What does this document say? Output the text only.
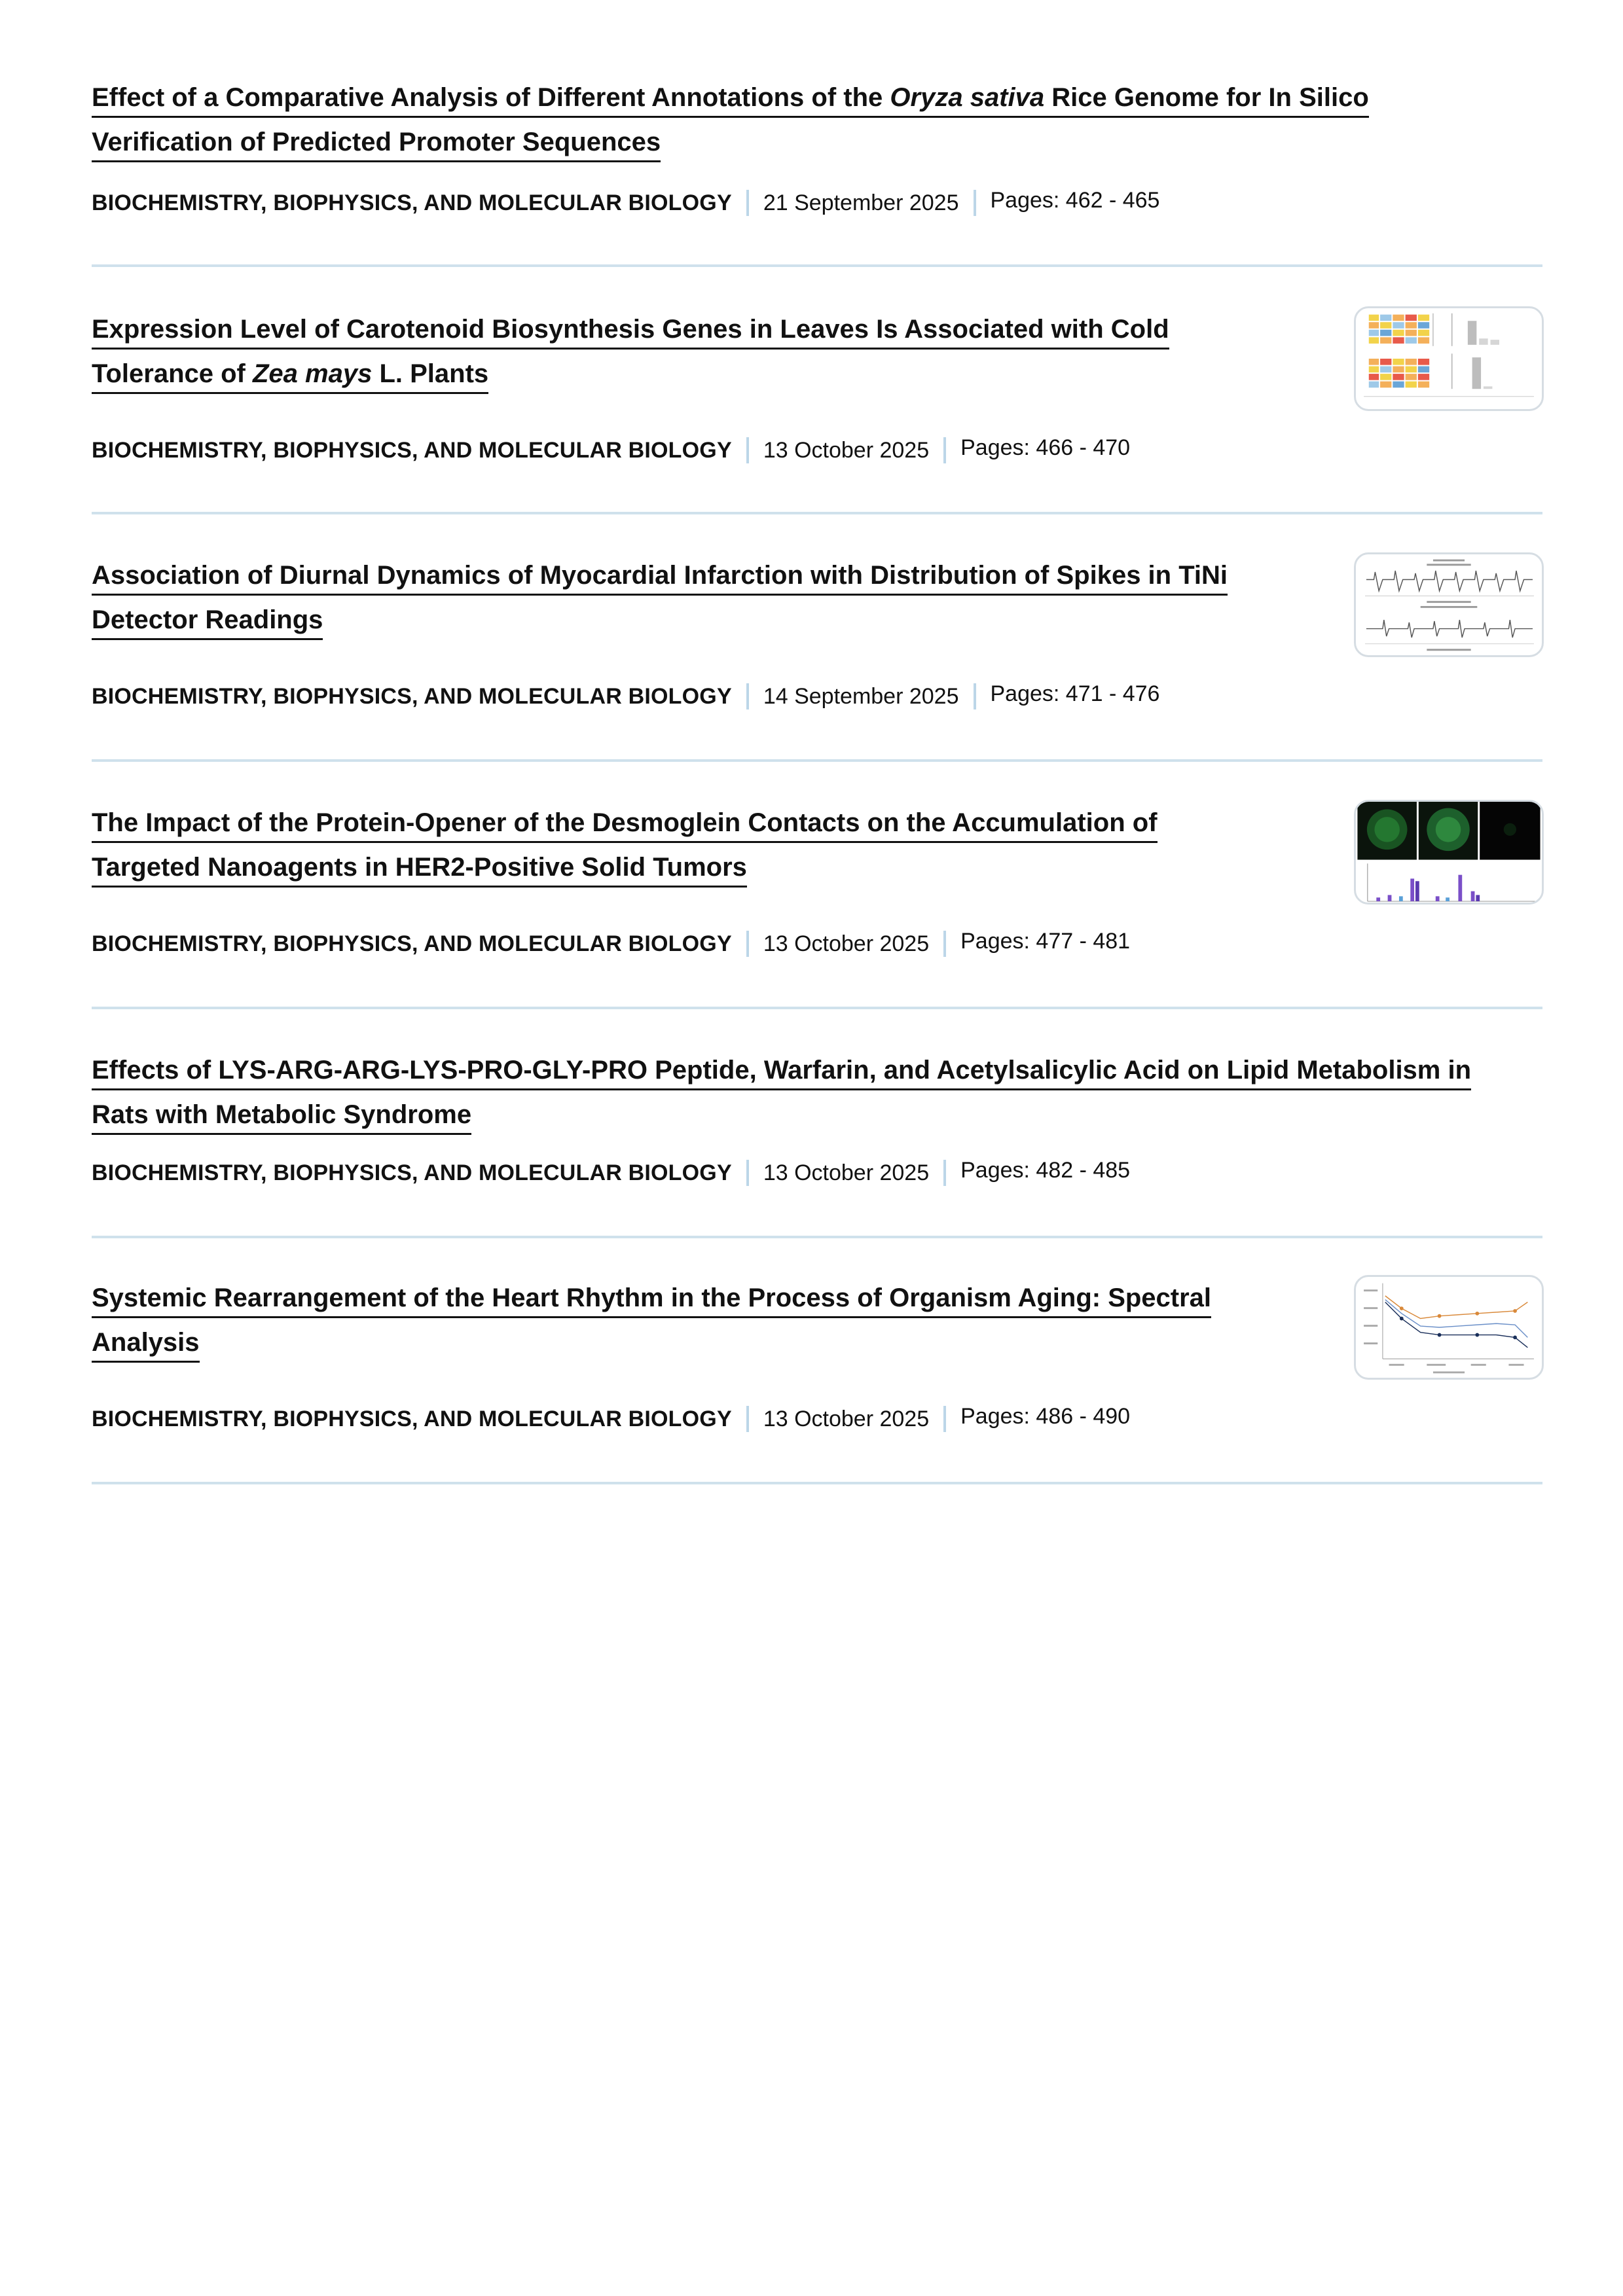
Effect of a Comparative Analysis of Different Annotations of the Oryza sativa Rice Genome for In Silico
Verification of Predicted Promoter Sequences
BIOCHEMISTRY, BIOPHYSICS, AND MOLECULAR BIOLOGY 21 September 2025 Pages: 462 - 465
Expression Level of Carotenoid Biosynthesis Genes in Leaves Is Associated with Cold
Tolerance of Zea mays L. Plants
BIOCHEMISTRY, BIOPHYSICS, AND MOLECULAR BIOLOGY 13 October 2025 Pages: 466 - 470
Association of Diurnal Dynamics of Myocardial Infarction with Distribution of Spikes in TiNi
Detector Readings
BIOCHEMISTRY, BIOPHYSICS, AND MOLECULAR BIOLOGY 14 September 2025 Pages: 471 - 476
The Impact of the Protein-Opener of the Desmoglein Contacts on the Accumulation of
Targeted Nanoagents in HER2-Positive Solid Tumors
BIOCHEMISTRY, BIOPHYSICS, AND MOLECULAR BIOLOGY 13 October 2025 Pages: 477 - 481
Effects of LYS-ARG-ARG-LYS-PRO-GLY-PRO Peptide, Warfarin, and Acetylsalicylic Acid on Lipid Metabolism in
Rats with Metabolic Syndrome
BIOCHEMISTRY, BIOPHYSICS, AND MOLECULAR BIOLOGY 13 October 2025 Pages: 482 - 485
Systemic Rearrangement of the Heart Rhythm in the Process of Organism Aging: Spectral
Analysis
BIOCHEMISTRY, BIOPHYSICS, AND MOLECULAR BIOLOGY 13 October 2025 Pages: 486 - 490
